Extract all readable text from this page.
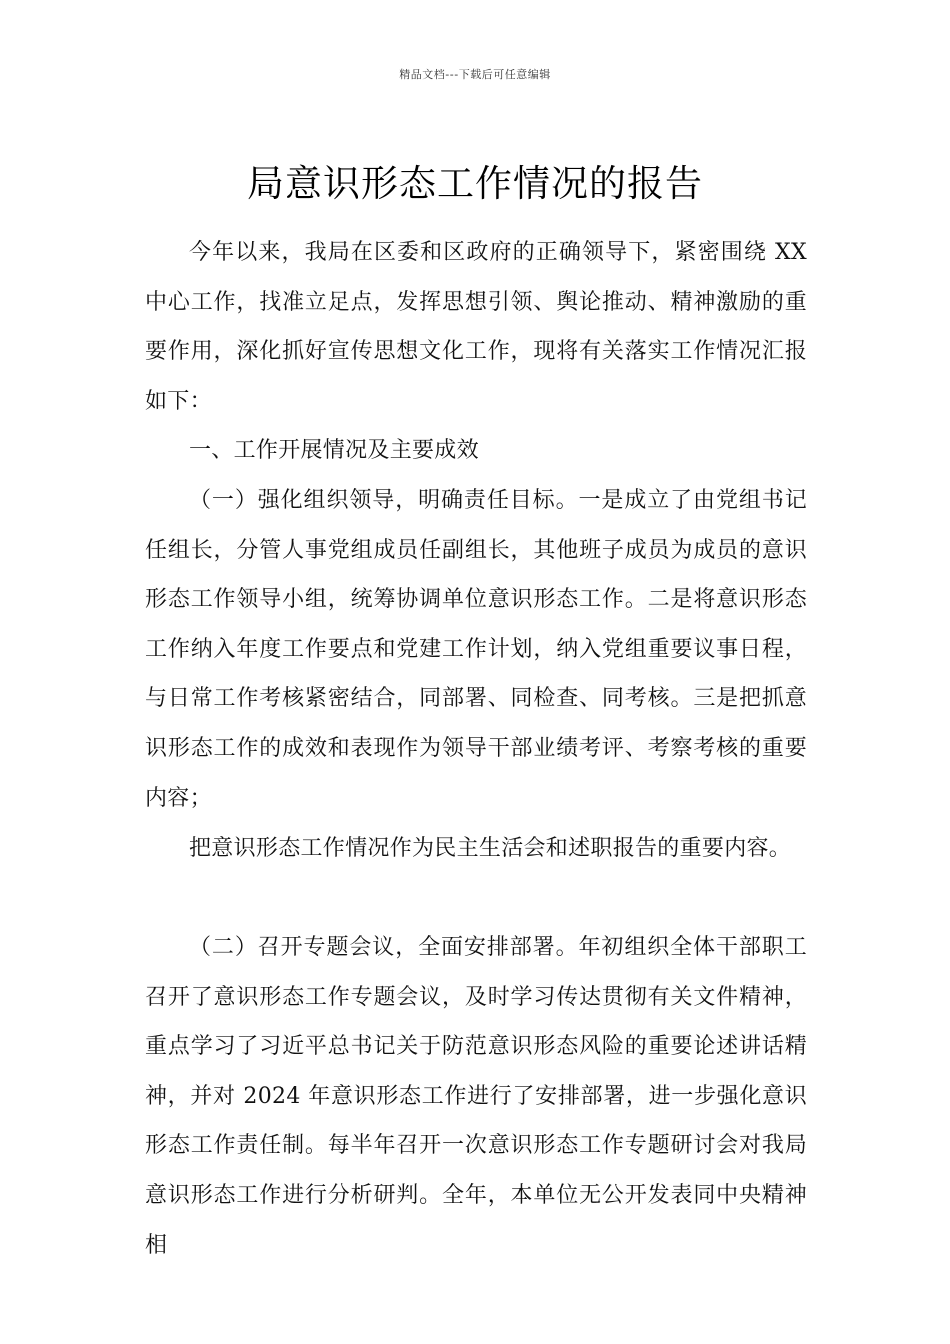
精品文档---下载后可任意编辑
局意识形态工作情况的报告

今年以来，我局在区委和区政府的正确领导下，紧密围绕 XX 中心工作，找准立足点，发挥思想引领、舆论推动、精神激励的重要作用，深化抓好宣传思想文化工作，现将有关落实工作情况汇报如下：

一、工作开展情况及主要成效

（一）强化组织领导，明确责任目标。一是成立了由党组书记任组长，分管人事党组成员任副组长，其他班子成员为成员的意识形态工作领导小组，统筹协调单位意识形态工作。二是将意识形态工作纳入年度工作要点和党建工作计划，纳入党组重要议事日程，与日常工作考核紧密结合，同部署、同检查、同考核。三是把抓意识形态工作的成效和表现作为领导干部业绩考评、考察考核的重要内容；

把意识形态工作情况作为民主生活会和述职报告的重要内容。

（二）召开专题会议，全面安排部署。年初组织全体干部职工召开了意识形态工作专题会议，及时学习传达贯彻有关文件精神，重点学习了习近平总书记关于防范意识形态风险的重要论述讲话精神，并对 2024 年意识形态工作进行了安排部署，进一步强化意识形态工作责任制。每半年召开一次意识形态工作专题研讨会对我局意识形态工作进行分析研判。全年，本单位无公开发表同中央精神相
